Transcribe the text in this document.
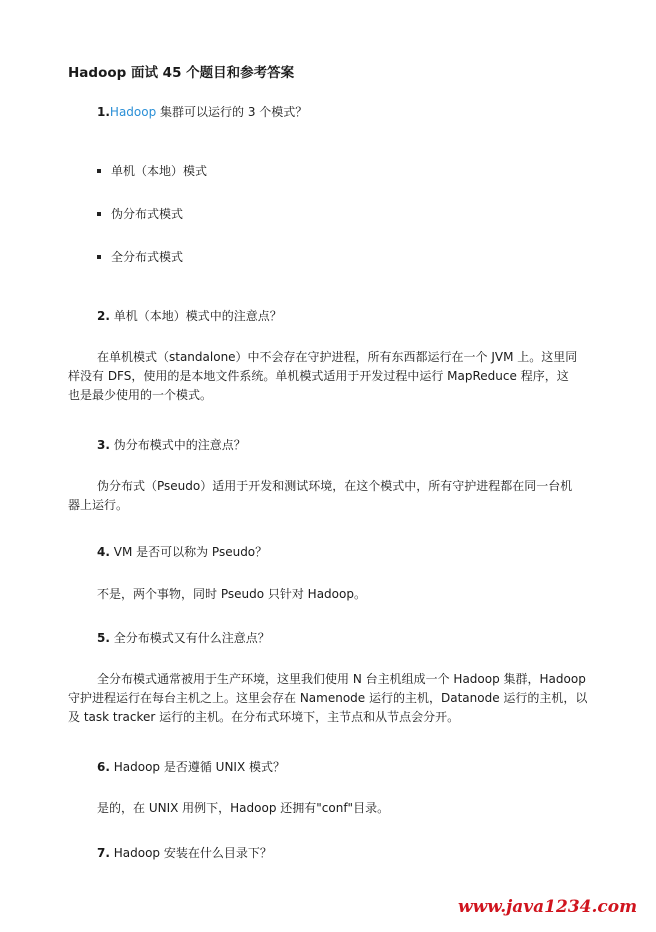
Hadoop 面试 45 个题目和参考答案
1.Hadoop 集群可以运行的 3 个模式？
单机（本地）模式
伪分布式模式
全分布式模式
2. 单机（本地）模式中的注意点？
在单机模式（standalone）中不会存在守护进程，所有东西都运行在一个 JVM 上。这里同
样没有 DFS，使用的是本地文件系统。单机模式适用于开发过程中运行 MapReduce 程序，这
也是最少使用的一个模式。
3. 伪分布模式中的注意点？
伪分布式（Pseudo）适用于开发和测试环境，在这个模式中，所有守护进程都在同一台机
器上运行。
4. VM 是否可以称为 Pseudo？
不是，两个事物，同时 Pseudo 只针对 Hadoop。
5. 全分布模式又有什么注意点？
全分布模式通常被用于生产环境，这里我们使用 N 台主机组成一个 Hadoop 集群，Hadoop
守护进程运行在每台主机之上。这里会存在 Namenode 运行的主机，Datanode 运行的主机，以
及 task tracker 运行的主机。在分布式环境下，主节点和从节点会分开。
6. Hadoop 是否遵循 UNIX 模式？
是的，在 UNIX 用例下，Hadoop 还拥有"conf"目录。
7. Hadoop 安装在什么目录下？
www.java1234.com
